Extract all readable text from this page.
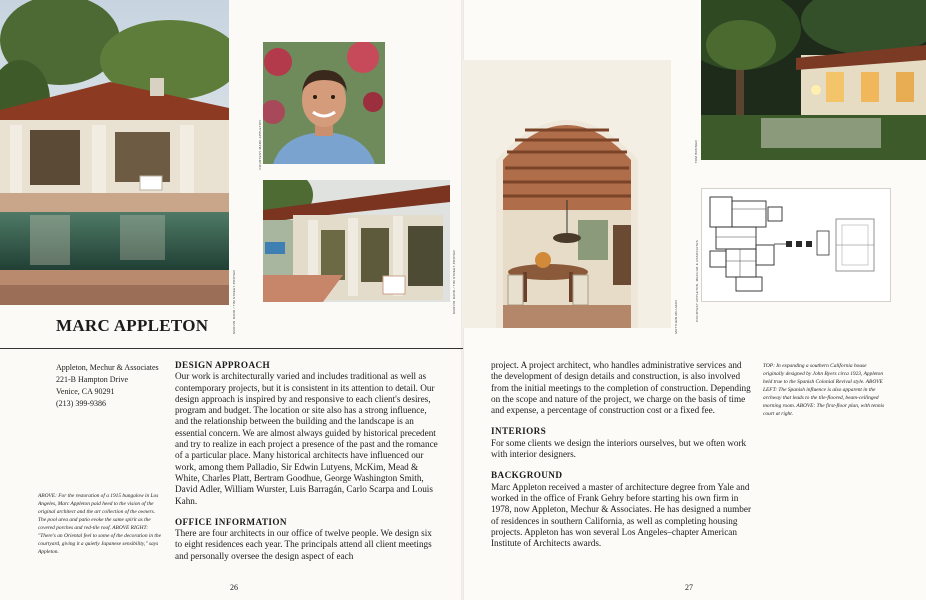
MARVIN RAND / TIM STREET-PORTER
COURTESY MARC APPLETON
MARVIN RAND / TIM STREET-PORTER
MATTHEW MILLMAN
TOM BONNER
COURTESY APPLETON, MECHUR & ASSOCIATES
MARC APPLETON
Appleton, Mechur & Associates
221-B Hampton Drive
Venice, CA 90291
(213) 399-9386
ABOVE: For the restoration of a 1915 bungalow in Los Angeles, Marc Appleton paid heed to the vision of the original architect and the art collection of the owners. The pool area and patio evoke the same spirit as the covered porches and red-tile roof. ABOVE RIGHT: "There's an Oriental feel to some of the decoration in the courtyard, giving it a quietly Japanese sensibility," says Appleton.
TOP: In expanding a southern California house originally designed by John Byers circa 1923, Appleton held true to the Spanish Colonial Revival style. ABOVE LEFT: The Spanish influence is also apparent in the archway that leads to the tile-floored, beam-ceilinged morning room. ABOVE: The first-floor plan, with tennis court at right.
DESIGN APPROACH

Our work is architecturally varied and includes traditional as well as contemporary projects, but it is consistent in its attention to detail. Our design approach is inspired by and responsive to each client's desires, program and budget. The location or site also has a strong influence, and the relationship between the building and the landscape is an essential concern. We are almost always guided by historical precedent and try to realize in each project a presence of the past and the romance of a particular place. Many historical architects have influenced our work, among them Palladio, Sir Edwin Lutyens, McKim, Mead & White, Charles Platt, Bertram Goodhue, George Washington Smith, David Adler, William Wurster, Luis Barragán, Carlo Scarpa and Louis Kahn.

OFFICE INFORMATION

There are four architects in our office of twelve people. We design six to eight residences each year. The principals attend all client meetings and personally oversee the design aspect of each

project. A project architect, who handles administrative services and the development of design details and construction, is also involved from the initial meetings to the completion of construction. Depending on the scope and nature of the project, we charge on the basis of time and expense, a percentage of construction cost or a fixed fee.

INTERIORS

For some clients we design the interiors ourselves, but we often work with interior designers.

BACKGROUND

Marc Appleton received a master of architecture degree from Yale and worked in the office of Frank Gehry before starting his own firm in 1978, now Appleton, Mechur & Associates. He has designed a number of residences in southern California, as well as completing housing projects. Appleton has won several Los Angeles–chapter American Institute of Architects awards.

26	27
